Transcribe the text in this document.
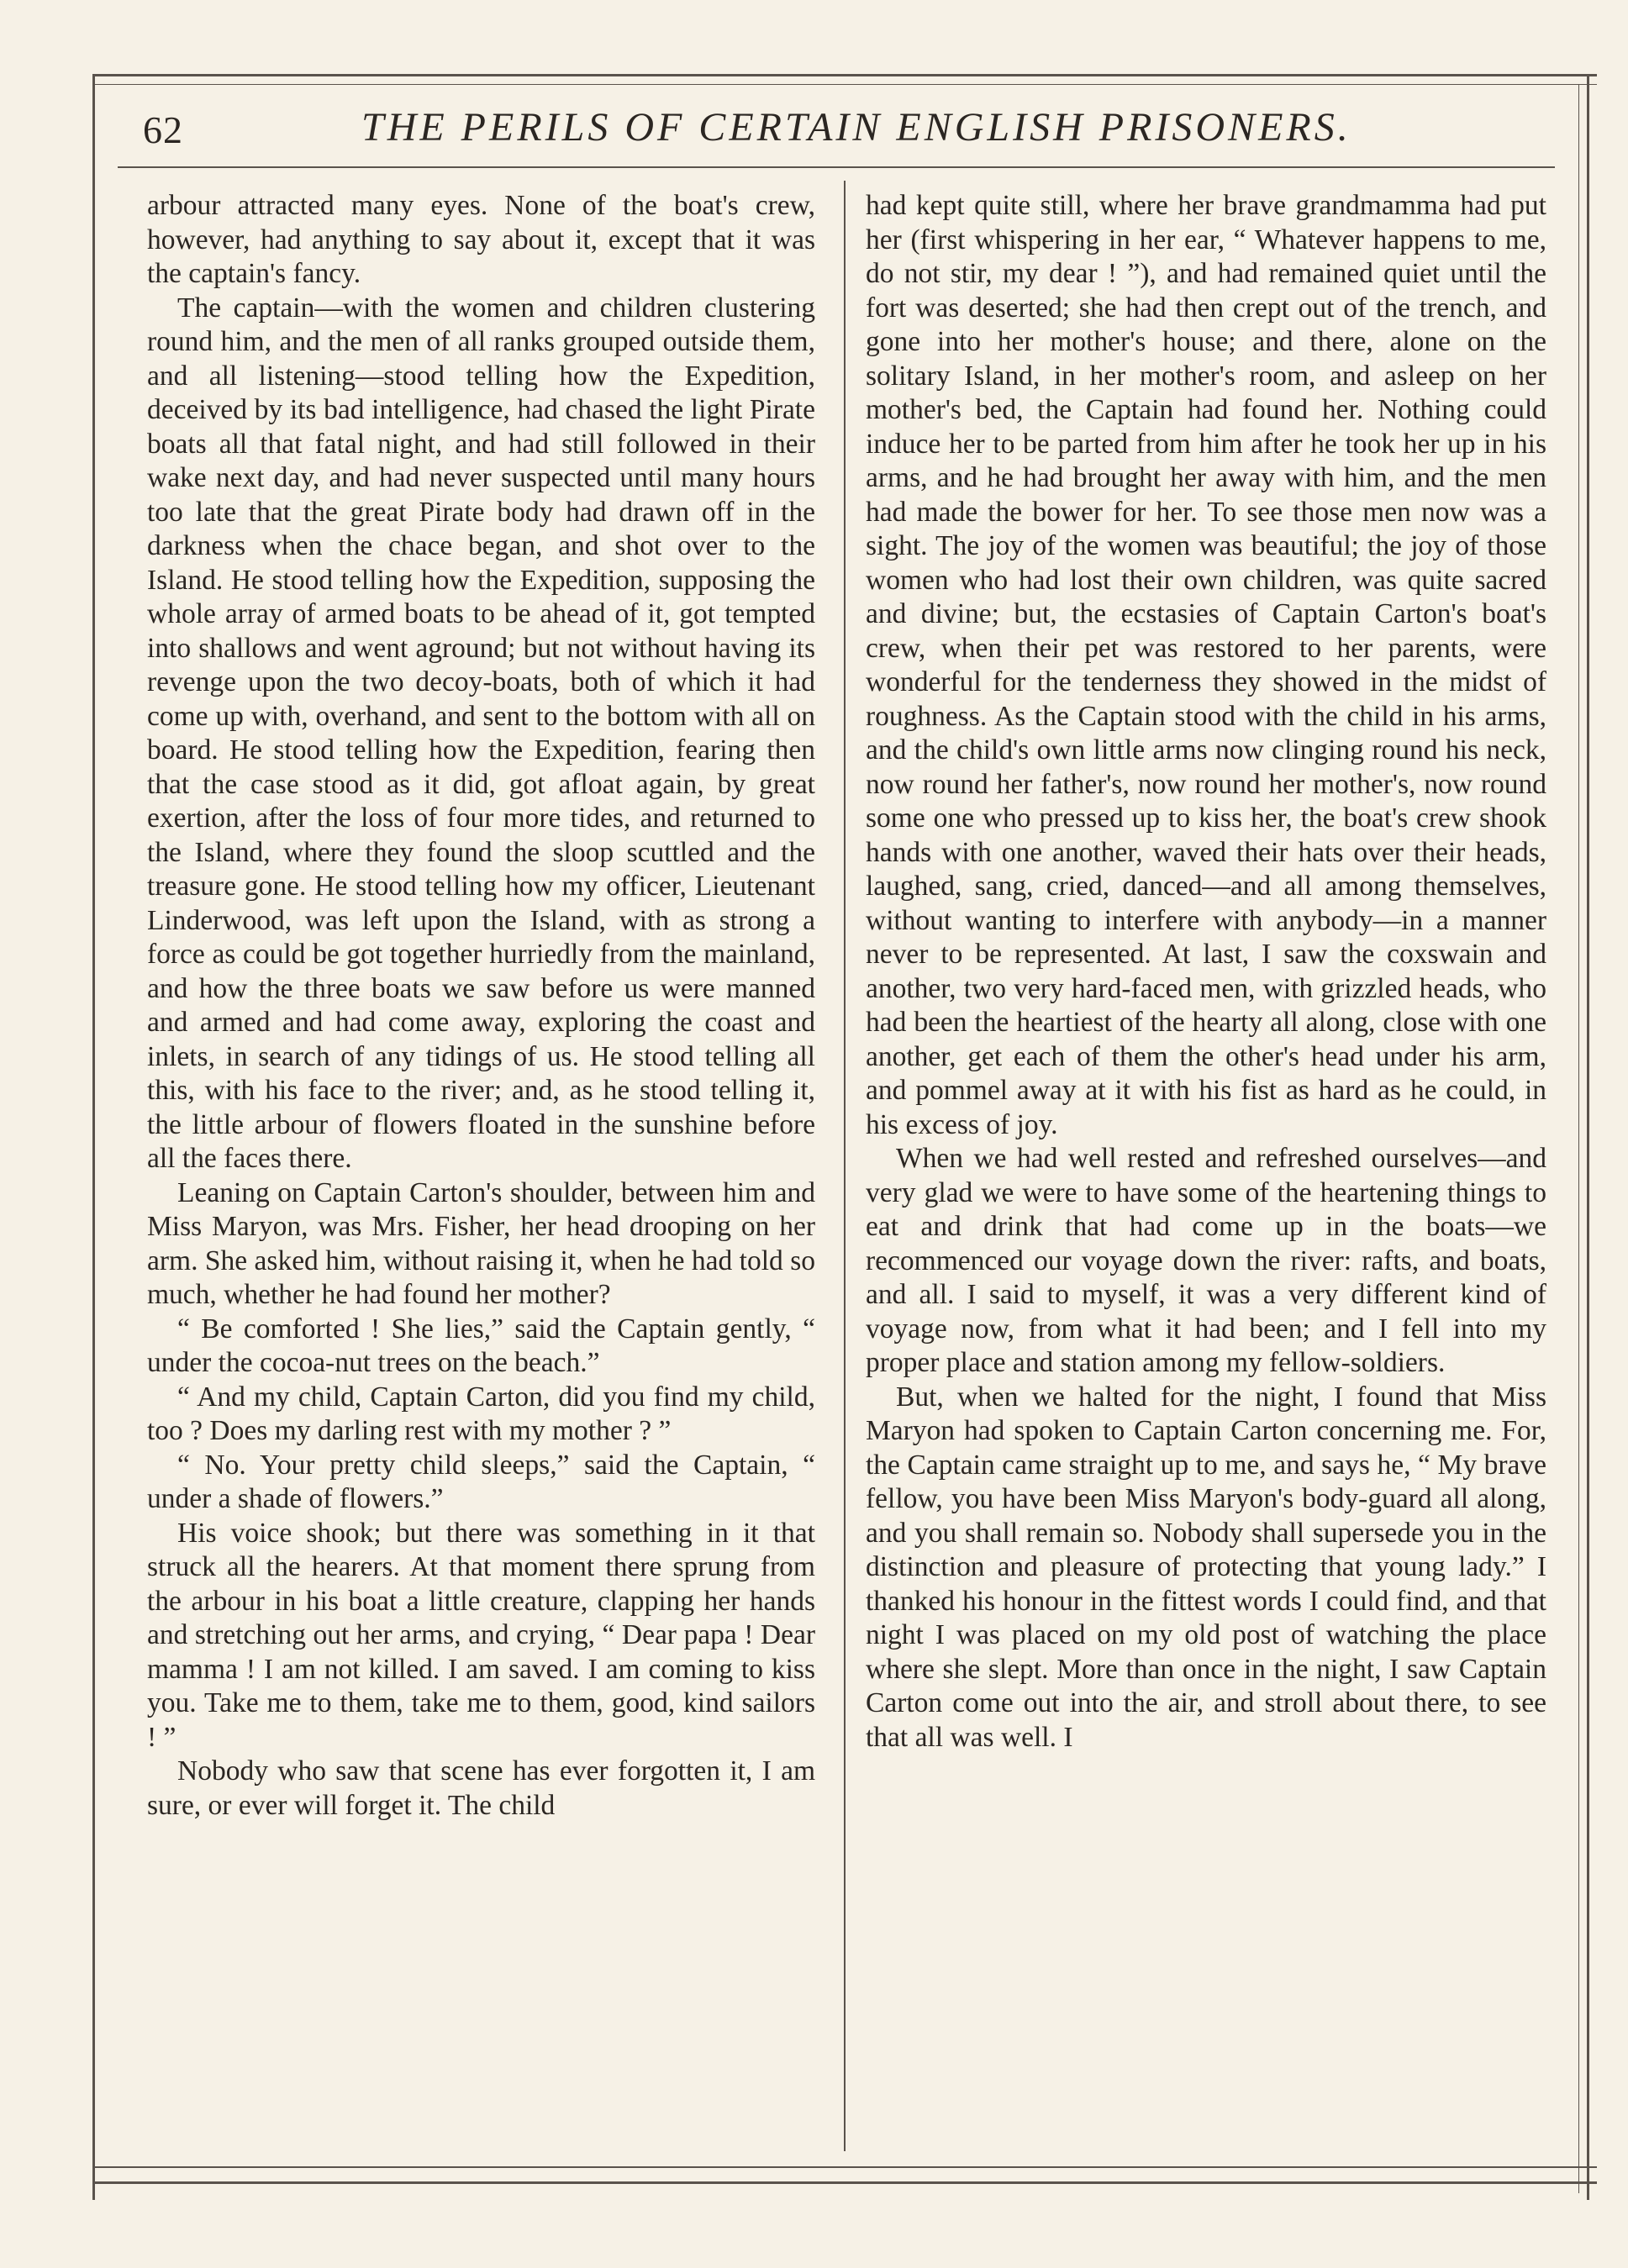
62	THE PERILS OF CERTAIN ENGLISH PRISONERS.

arbour attracted many eyes. None of the boat's crew, however, had anything to say about it, except that it was the captain's fancy.

The captain—with the women and children clustering round him, and the men of all ranks grouped outside them, and all listening—stood telling how the Expedition, deceived by its bad intelligence, had chased the light Pirate boats all that fatal night, and had still followed in their wake next day, and had never suspected until many hours too late that the great Pirate body had drawn off in the darkness when the chace began, and shot over to the Island. He stood telling how the Expedition, supposing the whole array of armed boats to be ahead of it, got tempted into shallows and went aground; but not without having its revenge upon the two decoy-boats, both of which it had come up with, overhand, and sent to the bottom with all on board. He stood telling how the Expedition, fearing then that the case stood as it did, got afloat again, by great exertion, after the loss of four more tides, and returned to the Island, where they found the sloop scuttled and the treasure gone. He stood telling how my officer, Lieutenant Linderwood, was left upon the Island, with as strong a force as could be got together hurriedly from the mainland, and how the three boats we saw before us were manned and armed and had come away, exploring the coast and inlets, in search of any tidings of us. He stood telling all this, with his face to the river; and, as he stood telling it, the little arbour of flowers floated in the sunshine before all the faces there.

Leaning on Captain Carton's shoulder, between him and Miss Maryon, was Mrs. Fisher, her head drooping on her arm. She asked him, without raising it, when he had told so much, whether he had found her mother?

“ Be comforted ! She lies,” said the Captain gently, “ under the cocoa-nut trees on the beach.”

“ And my child, Captain Carton, did you find my child, too ? Does my darling rest with my mother ? ”

“ No. Your pretty child sleeps,” said the Captain, “ under a shade of flowers.”

His voice shook; but there was something in it that struck all the hearers. At that moment there sprung from the arbour in his boat a little creature, clapping her hands and stretching out her arms, and crying, “ Dear papa ! Dear mamma ! I am not killed. I am saved. I am coming to kiss you. Take me to them, take me to them, good, kind sailors ! ”

Nobody who saw that scene has ever forgotten it, I am sure, or ever will forget it. The child

had kept quite still, where her brave grandmamma had put her (first whispering in her ear, “ Whatever happens to me, do not stir, my dear ! ”), and had remained quiet until the fort was deserted; she had then crept out of the trench, and gone into her mother's house; and there, alone on the solitary Island, in her mother's room, and asleep on her mother's bed, the Captain had found her. Nothing could induce her to be parted from him after he took her up in his arms, and he had brought her away with him, and the men had made the bower for her. To see those men now was a sight. The joy of the women was beautiful; the joy of those women who had lost their own children, was quite sacred and divine; but, the ecstasies of Captain Carton's boat's crew, when their pet was restored to her parents, were wonderful for the tenderness they showed in the midst of roughness. As the Captain stood with the child in his arms, and the child's own little arms now clinging round his neck, now round her father's, now round her mother's, now round some one who pressed up to kiss her, the boat's crew shook hands with one another, waved their hats over their heads, laughed, sang, cried, danced—and all among themselves, without wanting to interfere with anybody—in a manner never to be represented. At last, I saw the coxswain and another, two very hard-faced men, with grizzled heads, who had been the heartiest of the hearty all along, close with one another, get each of them the other's head under his arm, and pommel away at it with his fist as hard as he could, in his excess of joy.

When we had well rested and refreshed ourselves—and very glad we were to have some of the heartening things to eat and drink that had come up in the boats—we recommenced our voyage down the river: rafts, and boats, and all. I said to myself, it was a very different kind of voyage now, from what it had been; and I fell into my proper place and station among my fellow-soldiers.

But, when we halted for the night, I found that Miss Maryon had spoken to Captain Carton concerning me. For, the Captain came straight up to me, and says he, “ My brave fellow, you have been Miss Maryon's body-guard all along, and you shall remain so. Nobody shall supersede you in the distinction and pleasure of protecting that young lady.” I thanked his honour in the fittest words I could find, and that night I was placed on my old post of watching the place where she slept. More than once in the night, I saw Captain Carton come out into the air, and stroll about there, to see that all was well. I
